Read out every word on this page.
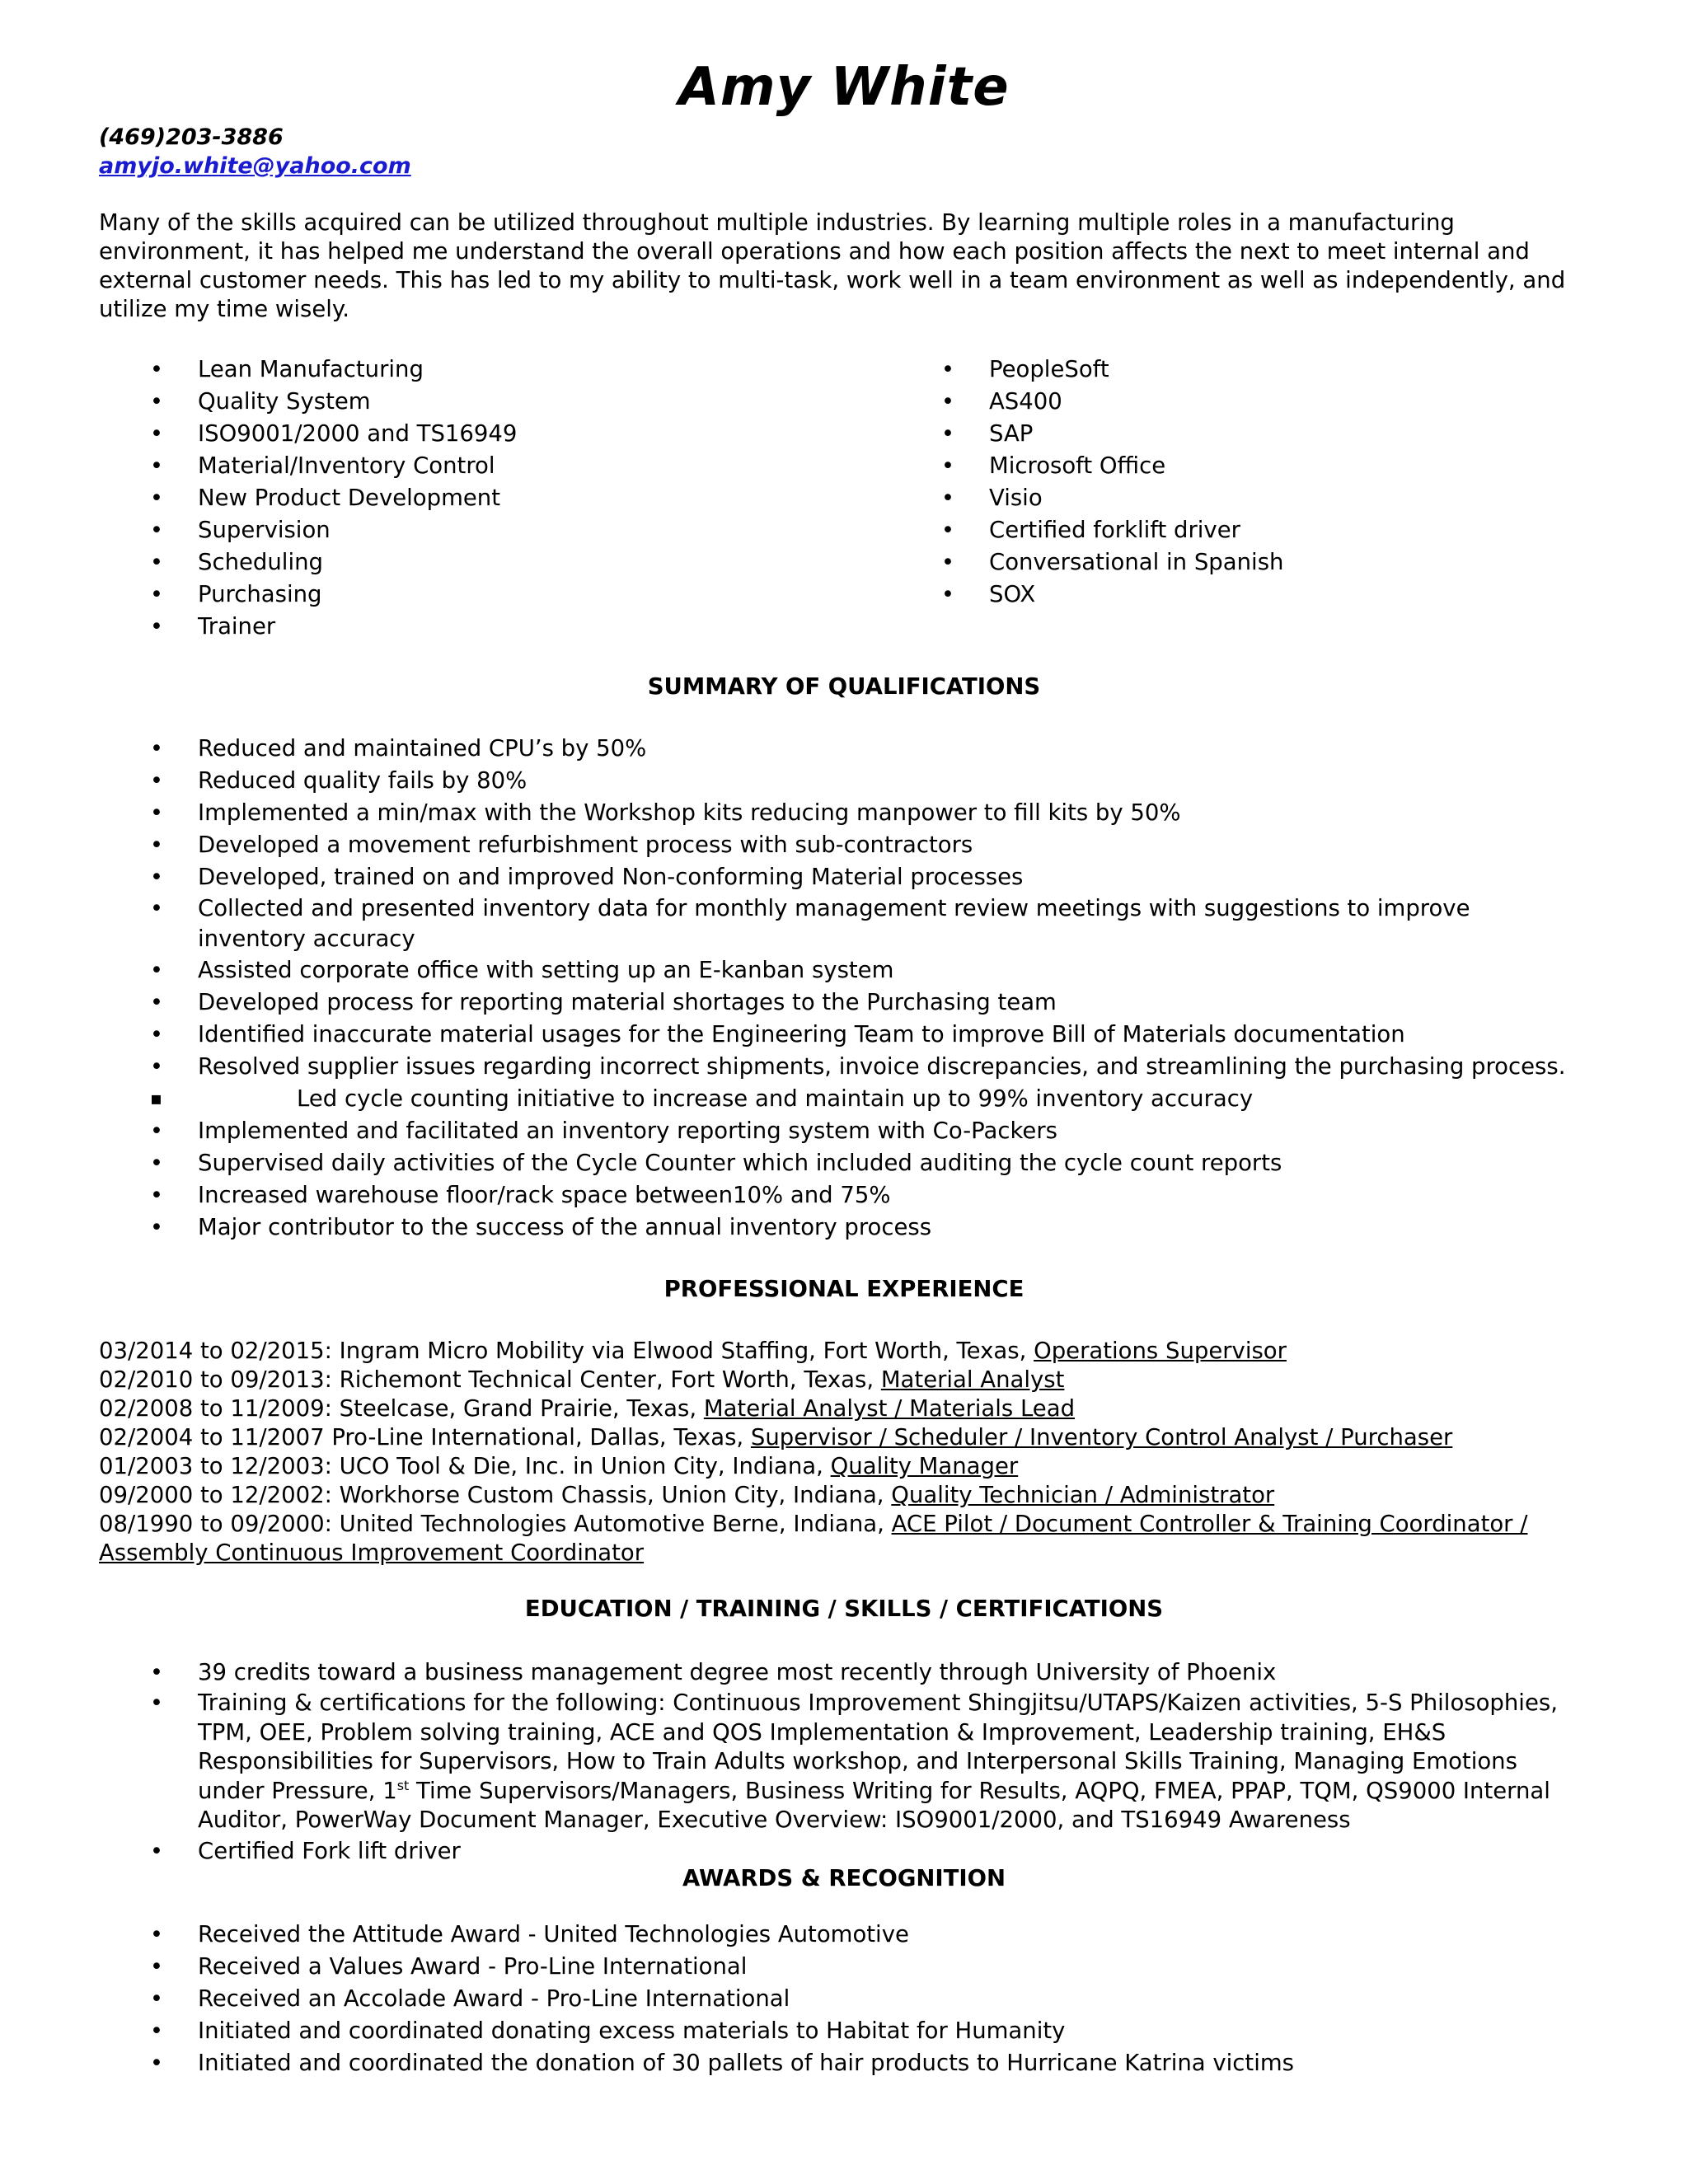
Amy White
(469)203-3886
amyjo.white@yahoo.com
Many of the skills acquired can be utilized throughout multiple industries. By learning multiple roles in a manufacturing environment, it has helped me understand the overall operations and how each position affects the next to meet internal and external customer needs. This has led to my ability to multi-task, work well in a team environment as well as independently, and utilize my time wisely.
• Lean Manufacturing
• Quality System
• ISO9001/2000 and TS16949
• Material/Inventory Control
• New Product Development
• Supervision
• Scheduling
• Purchasing
• Trainer
• PeopleSoft
• AS400
• SAP
• Microsoft Office
• Visio
• Certified forklift driver
• Conversational in Spanish
• SOX
SUMMARY OF QUALIFICATIONS
• Reduced and maintained CPU’s by 50%
• Reduced quality fails by 80%
• Implemented a min/max with the Workshop kits reducing manpower to fill kits by 50%
• Developed a movement refurbishment process with sub-contractors
• Developed, trained on and improved Non-conforming Material processes
• Collected and presented inventory data for monthly management review meetings with suggestions to improve inventory accuracy
• Assisted corporate office with setting up an E-kanban system
• Developed process for reporting material shortages to the Purchasing team
• Identified inaccurate material usages for the Engineering Team to improve Bill of Materials documentation
• Resolved supplier issues regarding incorrect shipments, invoice discrepancies, and streamlining the purchasing process.
▪ Led cycle counting initiative to increase and maintain up to 99% inventory accuracy
• Implemented and facilitated an inventory reporting system with Co-Packers
• Supervised daily activities of the Cycle Counter which included auditing the cycle count reports
• Increased warehouse floor/rack space between10% and 75%
• Major contributor to the success of the annual inventory process
PROFESSIONAL EXPERIENCE
03/2014 to 02/2015: Ingram Micro Mobility via Elwood Staffing, Fort Worth, Texas, Operations Supervisor
02/2010 to 09/2013: Richemont Technical Center, Fort Worth, Texas, Material Analyst
02/2008 to 11/2009: Steelcase, Grand Prairie, Texas, Material Analyst / Materials Lead
02/2004 to 11/2007 Pro-Line International, Dallas, Texas, Supervisor / Scheduler / Inventory Control Analyst / Purchaser
01/2003 to 12/2003: UCO Tool & Die, Inc. in Union City, Indiana, Quality Manager
09/2000 to 12/2002: Workhorse Custom Chassis, Union City, Indiana, Quality Technician / Administrator
08/1990 to 09/2000: United Technologies Automotive Berne, Indiana, ACE Pilot / Document Controller & Training Coordinator / Assembly Continuous Improvement Coordinator
EDUCATION / TRAINING / SKILLS / CERTIFICATIONS
• 39 credits toward a business management degree most recently through University of Phoenix
• Training & certifications for the following: Continuous Improvement Shingjitsu/UTAPS/Kaizen activities, 5-S Philosophies, TPM, OEE, Problem solving training, ACE and QOS Implementation & Improvement, Leadership training, EH&S Responsibilities for Supervisors, How to Train Adults workshop, and Interpersonal Skills Training, Managing Emotions under Pressure, 1st Time Supervisors/Managers, Business Writing for Results, AQPQ, FMEA, PPAP, TQM, QS9000 Internal Auditor, PowerWay Document Manager, Executive Overview: ISO9001/2000, and TS16949 Awareness
• Certified Fork lift driver
AWARDS & RECOGNITION
• Received the Attitude Award - United Technologies Automotive
• Received a Values Award - Pro-Line International
• Received an Accolade Award - Pro-Line International
• Initiated and coordinated donating excess materials to Habitat for Humanity
• Initiated and coordinated the donation of 30 pallets of hair products to Hurricane Katrina victims
